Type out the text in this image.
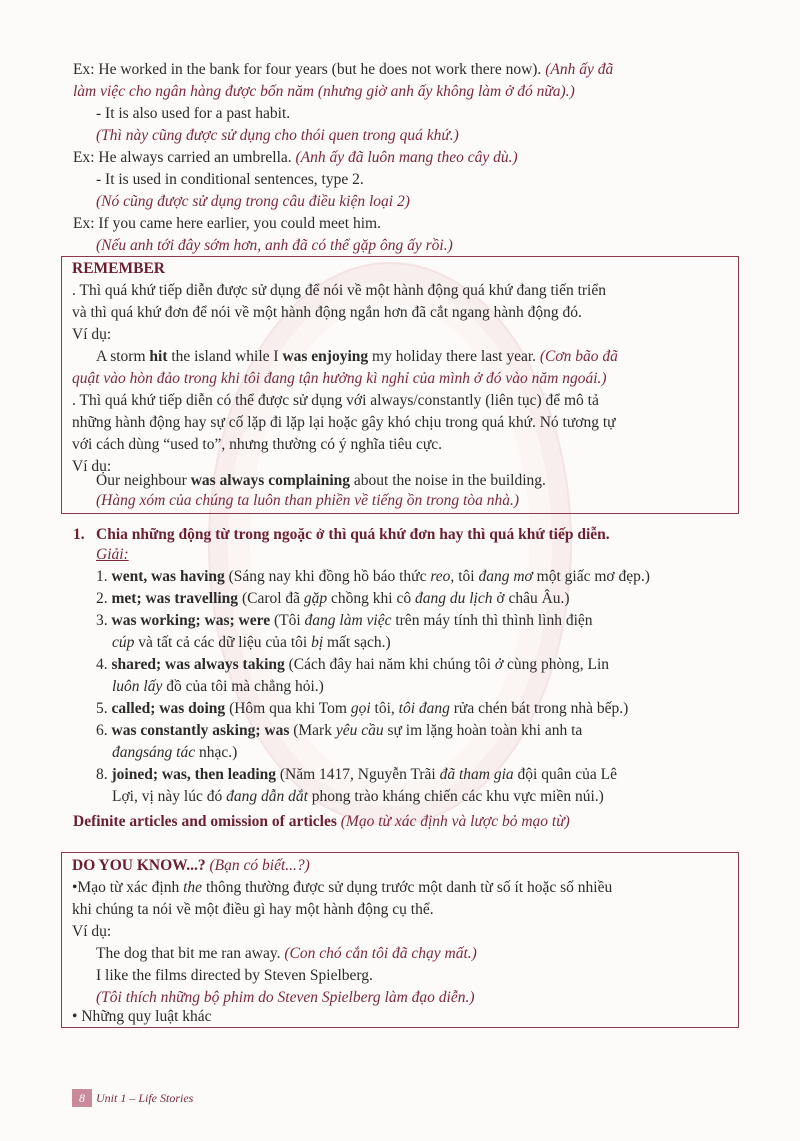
Ex: He worked in the bank for four years (but he does not work there now). (Anh ấy đã
làm việc cho ngân hàng được bốn năm (nhưng giờ anh ấy không làm ở đó nữa).)
- It is also used for a past habit.
(Thì này cũng được sử dụng cho thói quen trong quá khứ.)
Ex: He always carried an umbrella. (Anh ấy đã luôn mang theo cây dù.)
- It is used in conditional sentences, type 2.
(Nó cũng được sử dụng trong câu điều kiện loại 2)
Ex: If you came here earlier, you could meet him.
(Nếu anh tới đây sớm hơn, anh đã có thể gặp ông ấy rồi.)
REMEMBER
. Thì quá khứ tiếp diễn được sử dụng để nói về một hành động quá khứ đang tiến triển
và thì quá khứ đơn để nói về một hành động ngắn hơn đã cắt ngang hành động đó.
Ví dụ:
A storm hit the island while I was enjoying my holiday there last year. (Cơn bão đã
quật vào hòn đảo trong khi tôi đang tận hưởng kì nghỉ của mình ở đó vào năm ngoái.)
. Thì quá khứ tiếp diễn có thể được sử dụng với always/constantly (liên tục) để mô tả
những hành động hay sự cố lặp đi lặp lại hoặc gây khó chịu trong quá khứ. Nó tương tự
với cách dùng “used to”, nhưng thường có ý nghĩa tiêu cực.
Ví dụ:
Our neighbour was always complaining about the noise in the building.
(Hàng xóm của chúng ta luôn than phiền về tiếng ồn trong tòa nhà.)
1. Chia những động từ trong ngoặc ở thì quá khứ đơn hay thì quá khứ tiếp diễn.
Giải:
1. went, was having (Sáng nay khi đồng hồ báo thức reo, tôi đang mơ một giấc mơ đẹp.)
2. met; was travelling (Carol đã gặp chồng khi cô đang du lịch ở châu Âu.)
3. was working; was; were (Tôi đang làm việc trên máy tính thì thình lình điện
cúp và tất cả các dữ liệu của tôi bị mất sạch.)
4. shared; was always taking (Cách đây hai năm khi chúng tôi ở cùng phòng, Lin
luôn lấy đồ của tôi mà chẳng hỏi.)
5. called; was doing (Hôm qua khi Tom gọi tôi, tôi đang rửa chén bát trong nhà bếp.)
6. was constantly asking; was (Mark yêu cầu sự im lặng hoàn toàn khi anh ta
đangsáng tác nhạc.)
8. joined; was, then leading (Năm 1417, Nguyễn Trãi đã tham gia đội quân của Lê
Lợi, vị này lúc đó đang dẫn dắt phong trào kháng chiến các khu vực miền núi.)
Definite articles and omission of articles (Mạo từ xác định và lược bỏ mạo từ)
DO YOU KNOW...? (Bạn có biết...?)
•Mạo từ xác định the thông thường được sử dụng trước một danh từ số ít hoặc số nhiều
khi chúng ta nói về một điều gì hay một hành động cụ thể.
Ví dụ:
The dog that bit me ran away. (Con chó cắn tôi đã chạy mất.)
I like the films directed by Steven Spielberg.
(Tôi thích những bộ phim do Steven Spielberg làm đạo diễn.)
• Những quy luật khác
8 Unit 1 – Life Stories
